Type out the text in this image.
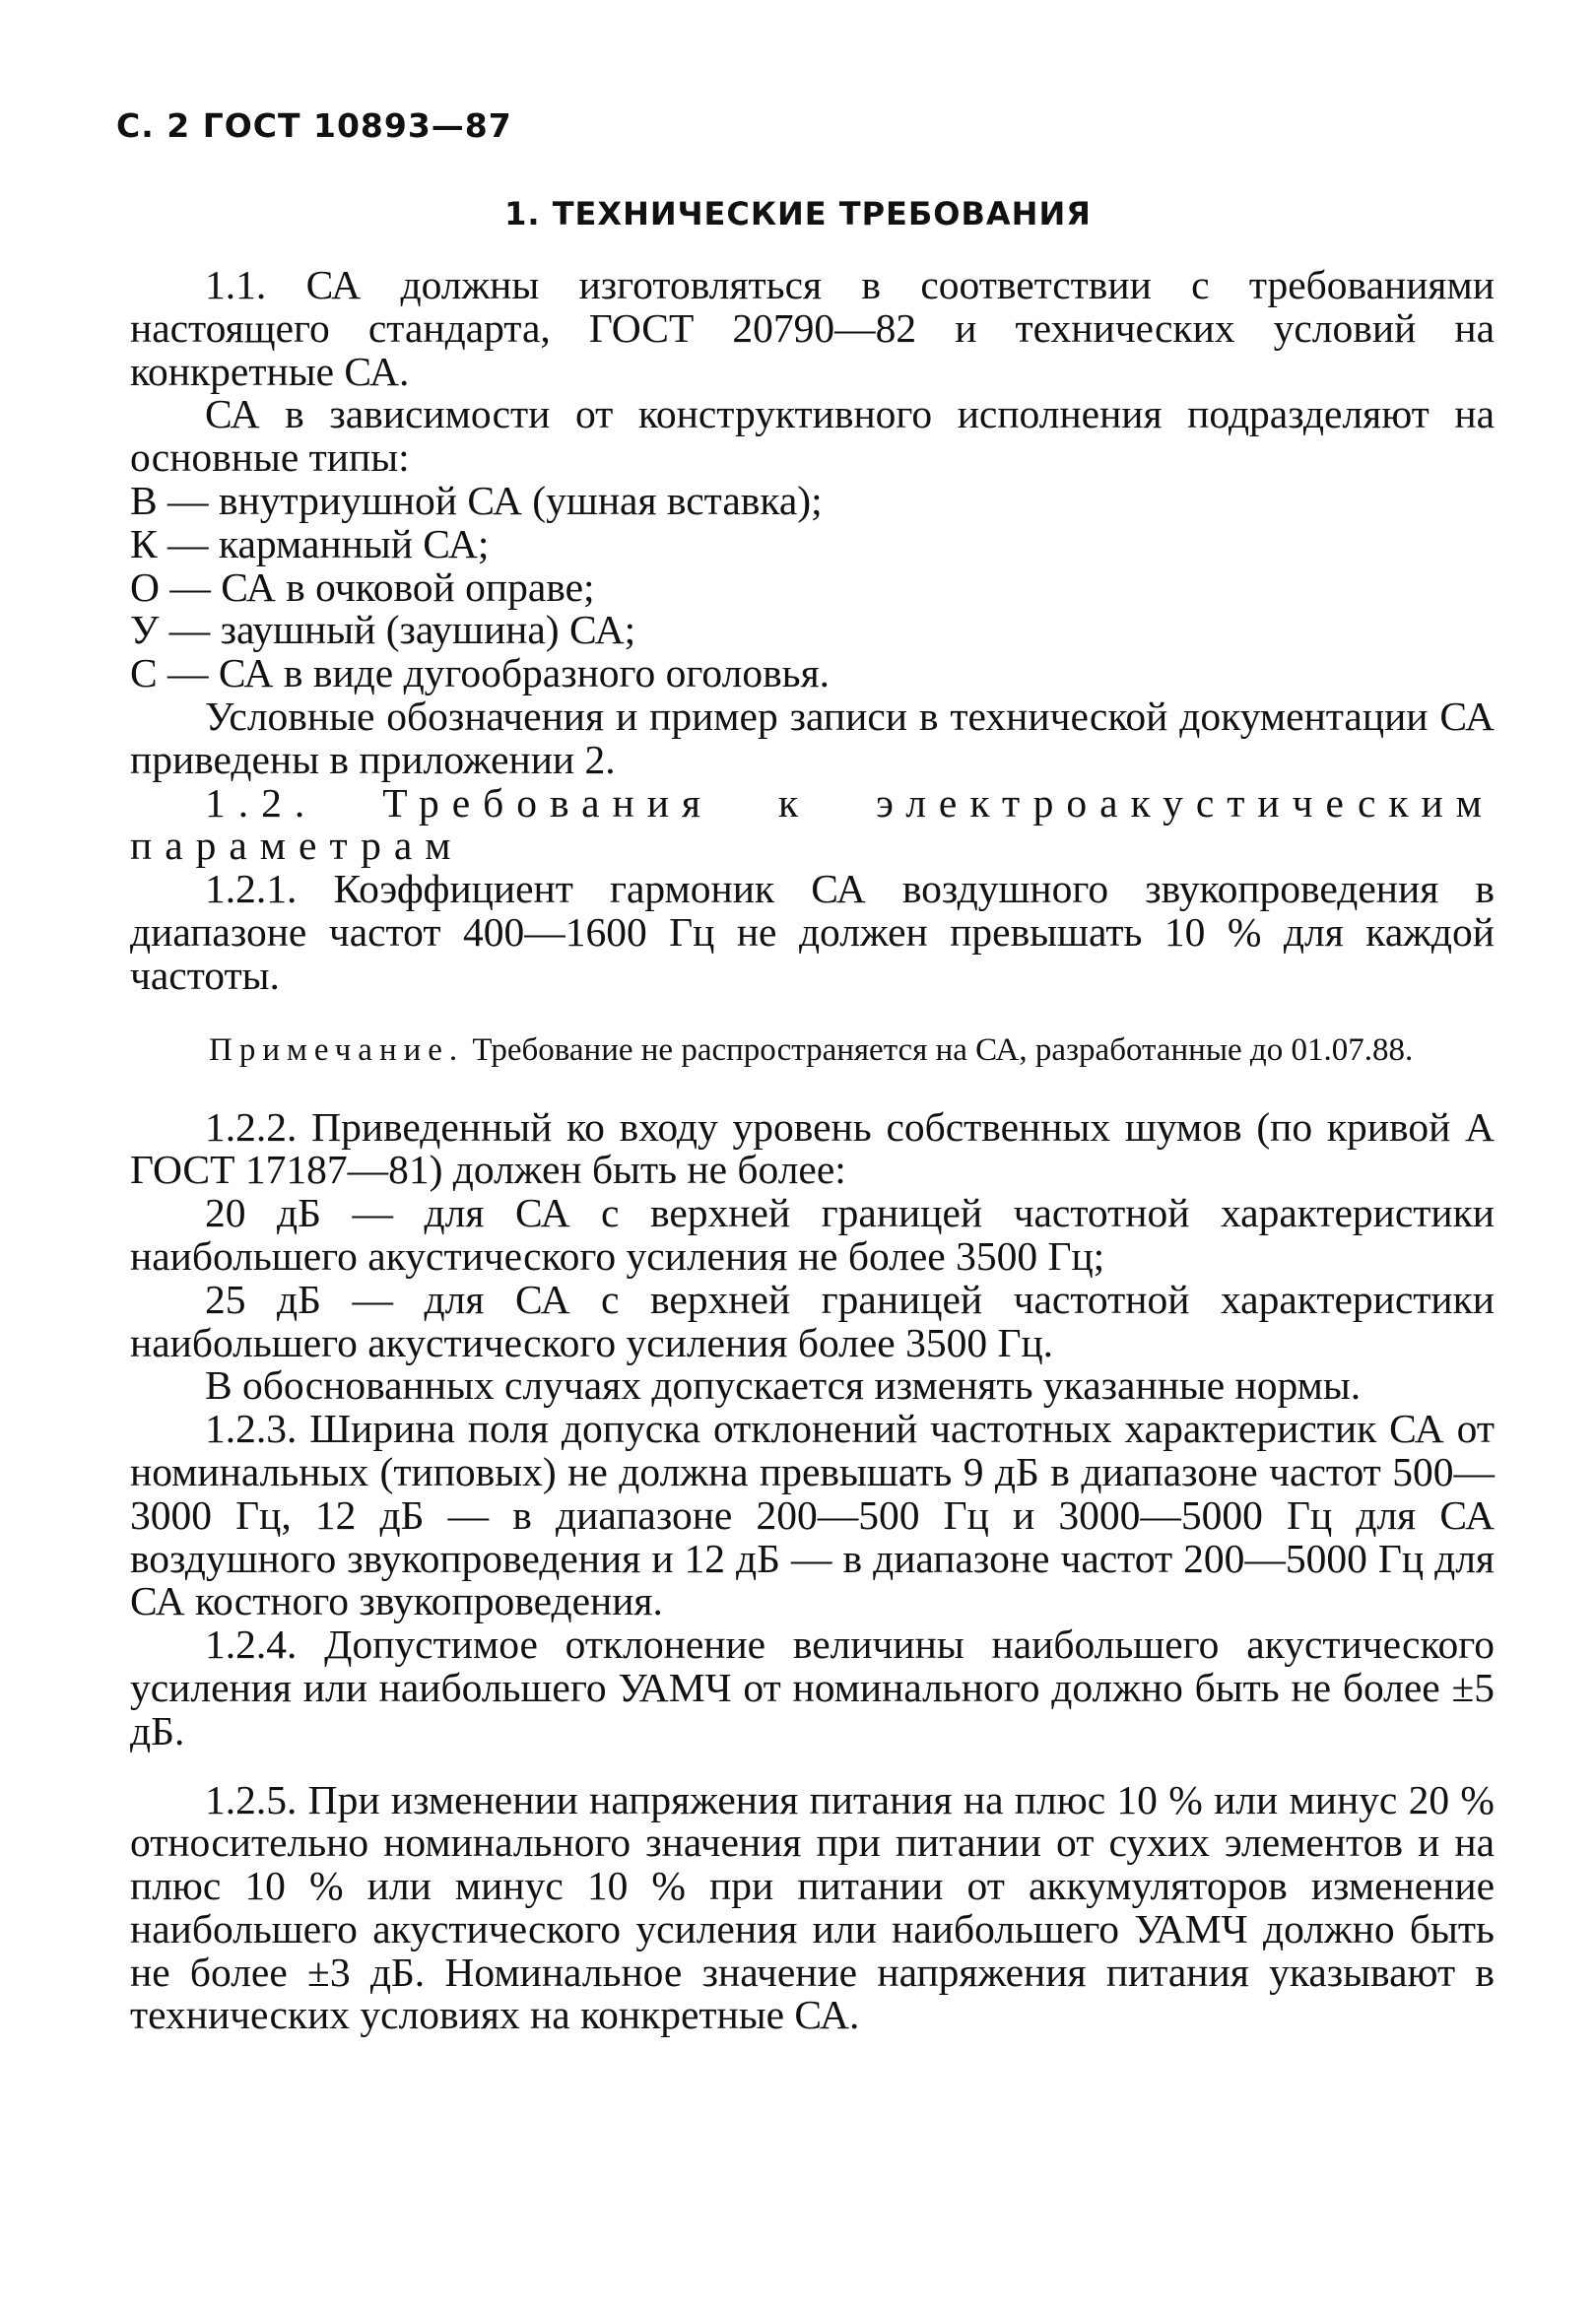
С. 2 ГОСТ 10893—87
1. ТЕХНИЧЕСКИЕ ТРЕБОВАНИЯ

1.1. СА должны изготовляться в соответствии с требованиями настоящего стандарта, ГОСТ 20790—82 и технических условий на конкретные СА.

СА в зависимости от конструктивного исполнения подразделяют на основные типы:

В — внутриушной СА (ушная вставка);

К — карманный СА;

О — СА в очковой оправе;

У — заушный (заушина) СА;

С — СА в виде дугообразного оголовья.

Условные обозначения и пример записи в технической документации СА приведены в приложении 2.

1.2. Требования к электроакустическим параметрам

1.2.1. Коэффициент гармоник СА воздушного звукопроведения в диапазоне частот 400—1600 Гц не должен превышать 10 % для каждой частоты.

Примечание. Требование не распространяется на СА, разработанные до 01.07.88.

1.2.2. Приведенный ко входу уровень собственных шумов (по кривой А ГОСТ 17187—81) должен быть не более:

20 дБ — для СА с верхней границей частотной характеристики наибольшего акустического усиления не более 3500 Гц;

25 дБ — для СА с верхней границей частотной характеристики наибольшего акустического усиления более 3500 Гц.

В обоснованных случаях допускается изменять указанные нормы.

1.2.3. Ширина поля допуска отклонений частотных характеристик СА от номинальных (типовых) не должна превышать 9 дБ в диапазоне частот 500—3000 Гц, 12 дБ — в диапазоне 200—500 Гц и 3000—5000 Гц для СА воздушного звукопроведения и 12 дБ — в диапазоне частот 200—5000 Гц для СА костного звукопроведения.

1.2.4. Допустимое отклонение величины наибольшего акустического усиления или наибольшего УАМЧ от номинального должно быть не более ±5 дБ.

1.2.5. При изменении напряжения питания на плюс 10 % или минус 20 % относительно номинального значения при питании от сухих элементов и на плюс 10 % или минус 10 % при питании от аккумуляторов изменение наибольшего акустического усиления или наибольшего УАМЧ должно быть не более ±3 дБ. Номинальное значение напряжения питания указывают в технических условиях на конкретные СА.
